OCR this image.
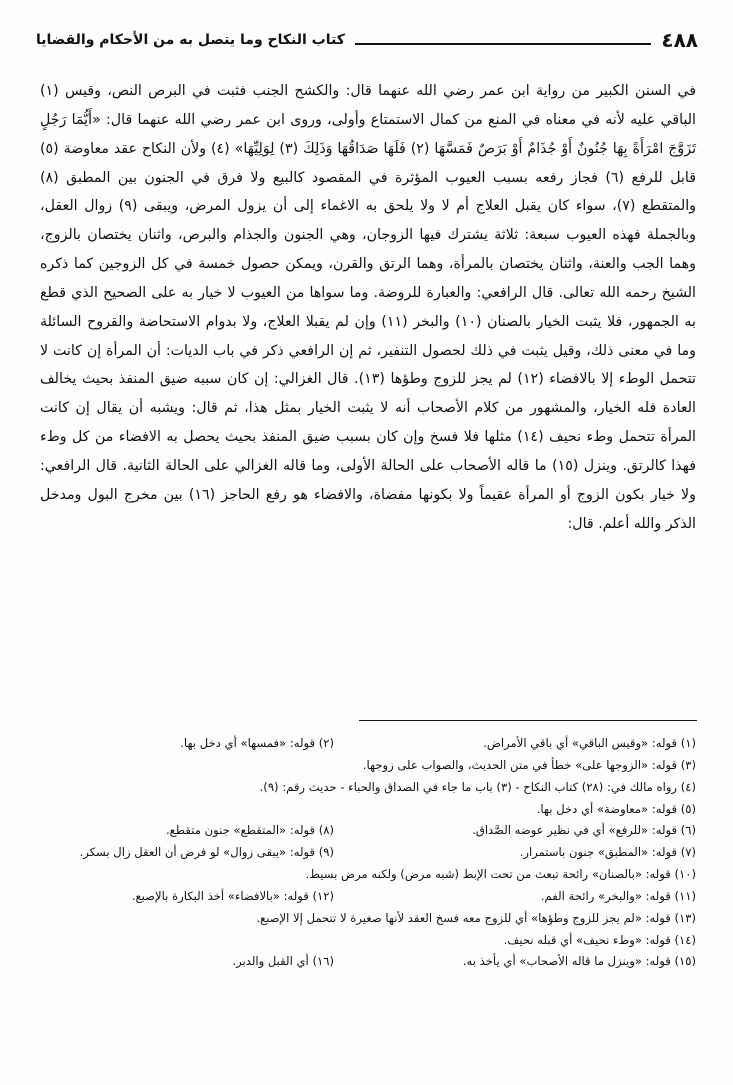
٤٨٨
كتاب النكاح وما يتصل به من الأحكام والقضايا

في السنن الكبير من رواية ابن عمر رضي الله عنهما قال: والكشح الجنب فثبت في البرص النص، وقيس (١) الباقي عليه لأنه في معناه في المنع من كمال الاستمتاع وأولى، وروى ابن عمر رضي الله عنهما قال: «أَيُّمَا رَجُلٍ تَزَوَّجَ امْرَأَةً بِهَا جُنُونٌ أَوْ جُذَامٌ أَوْ بَرَصٌ فَمَسَّهَا (٢) فَلَهَا صَدَاقُهَا وَذَلِكَ (٣) لِوَلِيِّهَا» (٤) ولأن النكاح عقد معاوضة (٥) قابل للرفع (٦) فجاز رفعه بسبب العيوب المؤثرة في المقصود كالبيع ولا فرق في الجنون بين المطبق (٨) والمتقطع (٧)، سواء كان يقبل العلاج أم لا ولا يلحق به الاغماء إلى أن يزول المرض، ويبقى (٩) زوال العقل، وبالجملة فهذه العيوب سبعة: ثلاثة يشترك فيها الزوجان، وهي الجنون والجذام والبرص، واثنان يختصان بالزوج، وهما الجب والعنة، واثنان يختصان بالمرأة، وهما الرتق والقرن، ويمكن حصول خمسة في كل الزوجين كما ذكره الشيخ رحمه الله تعالى. قال الرافعي: والعبارة للروضة. وما سواها من العيوب لا خيار به على الصحيح الذي قطع به الجمهور، فلا يثبت الخيار بالصنان (١٠) والبخر (١١) وإن لم يقبلا العلاج، ولا بدوام الاستحاضة والقروح السائلة وما في معنى ذلك، وقيل يثبت في ذلك لحصول التنفير، ثم إن الرافعي ذكر في باب الديات: أن المرأة إن كانت لا تتحمل الوطء إلا بالافضاء (١٢) لم يجز للزوج وطؤها (١٣). قال الغزالي: إن كان سببه ضيق المنفذ بحيث يخالف العادة فله الخيار، والمشهور من كلام الأصحاب أنه لا يثبت الخيار بمثل هذا، ثم قال: ويشبه أن يقال إن كانت المرأة تتحمل وطء نحيف (١٤) مثلها فلا فسخ وإن كان بسبب ضيق المنفذ بحيث يحصل به الافضاء من كل وطء فهذا كالرتق. وينزل (١٥) ما قاله الأصحاب على الحالة الأولى، وما قاله الغزالي على الحالة الثانية. قال الرافعي: ولا خيار بكون الزوج أو المرأة عقيماً ولا بكونها مفضاة، والافضاء هو رفع الحاجز (١٦) بين مخرج البول ومدخل الذكر والله أعلم. قال:

(١) قوله: «وقيس الباقي» أي باقي الأمراض.
(٢) قوله: «فمسها» أي دخل بها.
(٣) قوله: «الزوجها على» خطأ في متن الحديث، والصواب على زوجها.
(٤) رواه مالك في: (٢٨) كتاب النكاح - (٣) باب ما جاء في الصداق والحباء - حديث رقم: (٩).
(٥) قوله: «معاوضة» أي دخل بها.
(٦) قوله: «للرفع» أي في نظير عوضه الصَّداق.
(٨) قوله: «المتقطع» جنون متقطع.
(٧) قوله: «المطبق» جنون باستمرار.
(٩) قوله: «يبقى زوال» لو فرض أن العقل زال بسكر.
(١٠) قوله: «بالصنان» رائحة تبعث من تحت الإبط (شبه مرض) ولكنه مرض بسيط.
(١١) قوله: «والبخر» رائحة الفم.
(١٢) قوله: «بالافضاء» أخذ البكارة بالإصبع.
(١٣) قوله: «لم يجز للزوج وطؤها» أي للزوج معه فسخ العقد لأنها صغيرة لا تتحمل إلا الإصبع.
(١٤) قوله: «وطء نحيف» أي قبله نحيف.
(١٥) قوله: «وينزل ما قاله الأصحاب» أي يأخذ به.
(١٦) أي القبل والدبر.
